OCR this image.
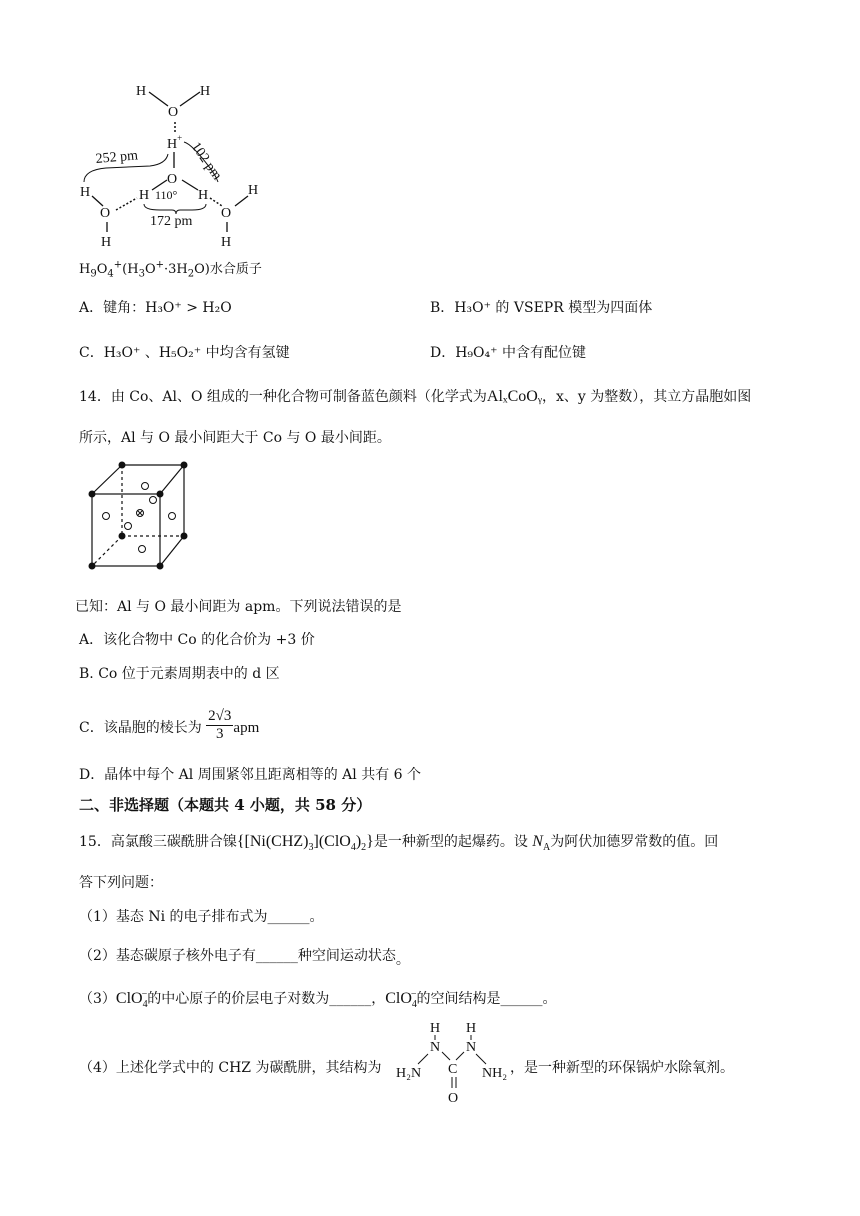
H	H
O
H+
O
H	H
110°
H
O
H
O
H
H
252 pm	102 pm
172 pm
$H_9O_4^+(H_3O^+\cdot 3H_2O)$水合质子
A．键角：H₃O⁺ > H₂O	B．H₃O⁺ 的 VSEPR 模型为四面体
C．H₃O⁺ 、H₅O₂⁺ 中均含有氢键	D．H₉O₄⁺ 中含有配位键
14．由 Co、Al、O 组成的一种化合物可制备蓝色颜料（化学式为AlₓCoOᵧ，x、y 为整数），其立方晶胞如图
所示，Al 与 O 最小间距大于 Co 与 O 最小间距。
已知：Al 与 O 最小间距为 apm。下列说法错误的是
A．该化合物中 Co 的化合价为 +3 价
B. Co 位于元素周期表中的 d 区
C．该晶胞的棱长为 $\frac{2√3}{3}$ apm
D．晶体中每个 Al 周围紧邻且距离相等的 Al 共有 6 个
二、非选择题（本题共 4 小题，共 58 分）
15．高氯酸三碳酰肼合镍$\{[Ni(CHZ)_3](ClO_4)_2\}$是一种新型的起爆药。设 $N_A$为阿伏加德罗常数的值。回
答下列问题：
（1）基态 Ni 的电子排布式为______。
（2）基态碳原子核外电子有______种空间运动状态。
（3）ClO$_4$−的中心原子的价层电子对数为______，ClO$_4$−的空间结构是______。
（4）上述化学式中的 CHZ 为碳酰肼，其结构为
H H
N N
C
H₂N	NH₂
O
，是一种新型的环保锅炉水除氧剂。
